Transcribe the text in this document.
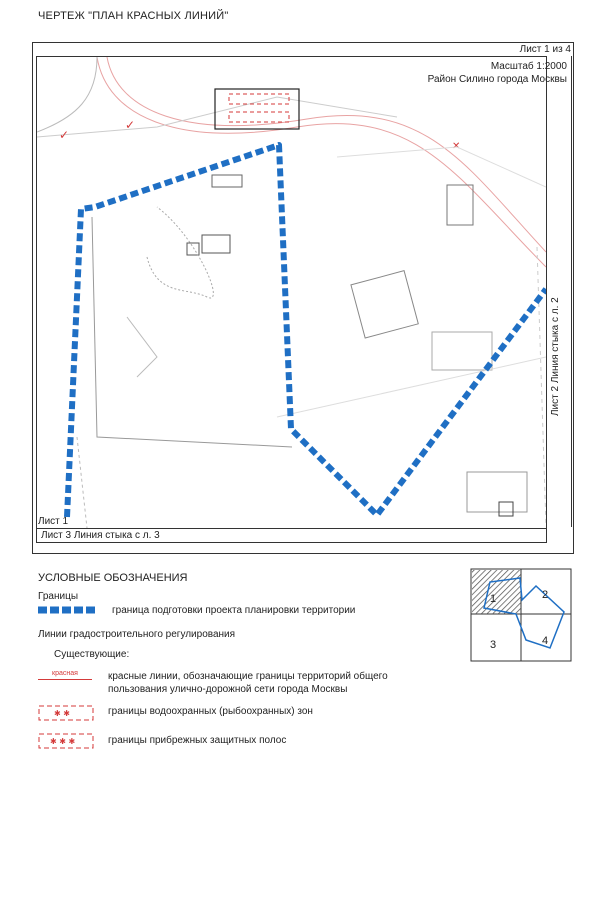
ЧЕРТЕЖ "ПЛАН КРАСНЫХ ЛИНИЙ"
✓
✓
✕
Лист 1 из 4
Масштаб 1:2000
Район Силино города Москвы
Лист 1
Лист 3 Линия стыка с л. 3
Лист 2 Линия стыка с л. 2
УСЛОВНЫЕ ОБОЗНАЧЕНИЯ
Границы
граница подготовки проекта планировки территории
Линии градостроительного регулирования
Существующие:
красная	красные линии, обозначающие границы территорий общего пользования улично-дорожной сети города Москвы
✱ ✱	границы водоохранных (рыбоохранных) зон
✱ ✱ ✱	границы прибрежных защитных полос
1	2
3	4
